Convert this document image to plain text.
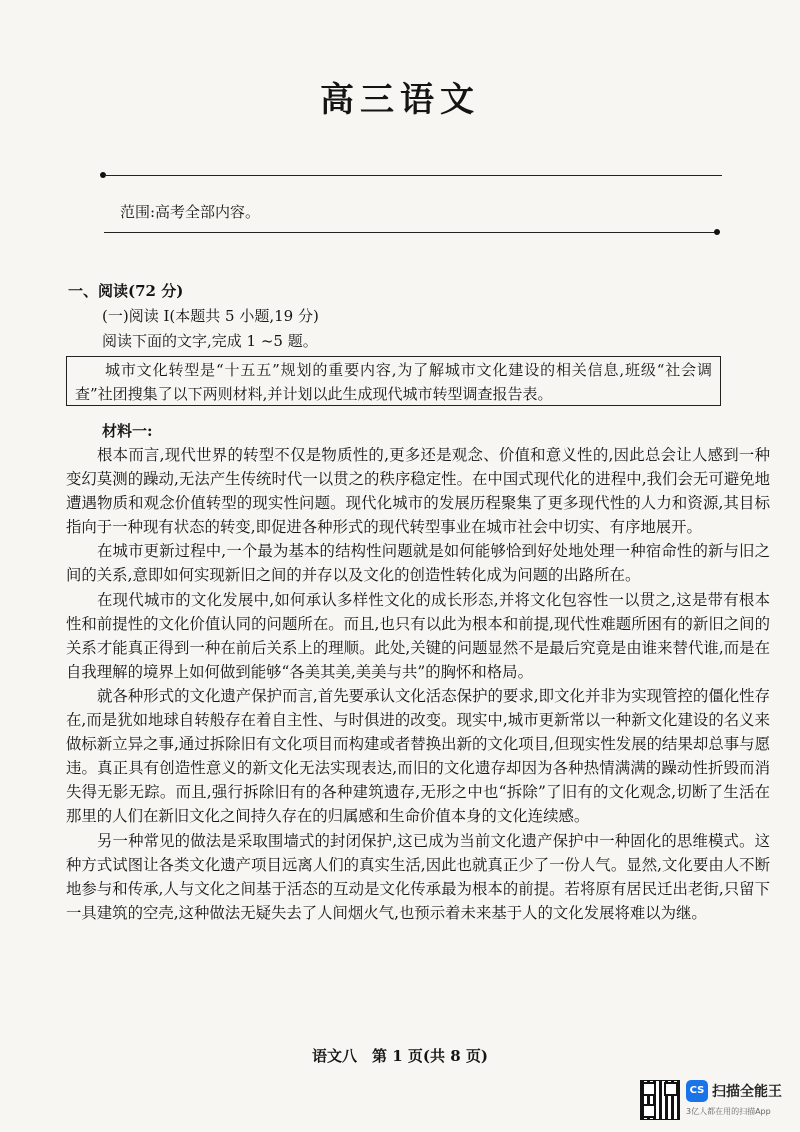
高三语文
范围:高考全部内容。
一、阅读(72 分)
(一)阅读 I(本题共 5 小题,19 分)
阅读下面的文字,完成 1 ~5 题。
城市文化转型是“十五五”规划的重要内容,为了解城市文化建设的相关信息,班级“社会调查”社团搜集了以下两则材料,并计划以此生成现代城市转型调查报告表。
材料一:

根本而言,现代世界的转型不仅是物质性的,更多还是观念、价值和意义性的,因此总会让人感到一种变幻莫测的躁动,无法产生传统时代一以贯之的秩序稳定性。在中国式现代化的进程中,我们会无可避免地遭遇物质和观念价值转型的现实性问题。现代化城市的发展历程聚集了更多现代性的人力和资源,其目标指向于一种现有状态的转变,即促进各种形式的现代转型事业在城市社会中切实、有序地展开。

在城市更新过程中,一个最为基本的结构性问题就是如何能够恰到好处地处理一种宿命性的新与旧之间的关系,意即如何实现新旧之间的并存以及文化的创造性转化成为问题的出路所在。

在现代城市的文化发展中,如何承认多样性文化的成长形态,并将文化包容性一以贯之,这是带有根本性和前提性的文化价值认同的问题所在。而且,也只有以此为根本和前提,现代性难题所困有的新旧之间的关系才能真正得到一种在前后关系上的理顺。此处,关键的问题显然不是最后究竟是由谁来替代谁,而是在自我理解的境界上如何做到能够“各美其美,美美与共”的胸怀和格局。

就各种形式的文化遗产保护而言,首先要承认文化活态保护的要求,即文化并非为实现管控的僵化性存在,而是犹如地球自转般存在着自主性、与时俱进的改变。现实中,城市更新常以一种新文化建设的名义来做标新立异之事,通过拆除旧有文化项目而构建或者替换出新的文化项目,但现实性发展的结果却总事与愿违。真正具有创造性意义的新文化无法实现表达,而旧的文化遗存却因为各种热情满满的躁动性折毁而消失得无影无踪。而且,强行拆除旧有的各种建筑遗存,无形之中也“拆除”了旧有的文化观念,切断了生活在那里的人们在新旧文化之间持久存在的归属感和生命价值本身的文化连续感。

另一种常见的做法是采取围墙式的封闭保护,这已成为当前文化遗产保护中一种固化的思维模式。这种方式试图让各类文化遗产项目远离人们的真实生活,因此也就真正少了一份人气。显然,文化要由人不断地参与和传承,人与文化之间基于活态的互动是文化传承最为根本的前提。若将原有居民迁出老街,只留下一具建筑的空壳,这种做法无疑失去了人间烟火气,也预示着未来基于人的文化发展将难以为继。

语文八　第 1 页(共 8 页)
CS 扫描全能王
3亿人都在用的扫描App
